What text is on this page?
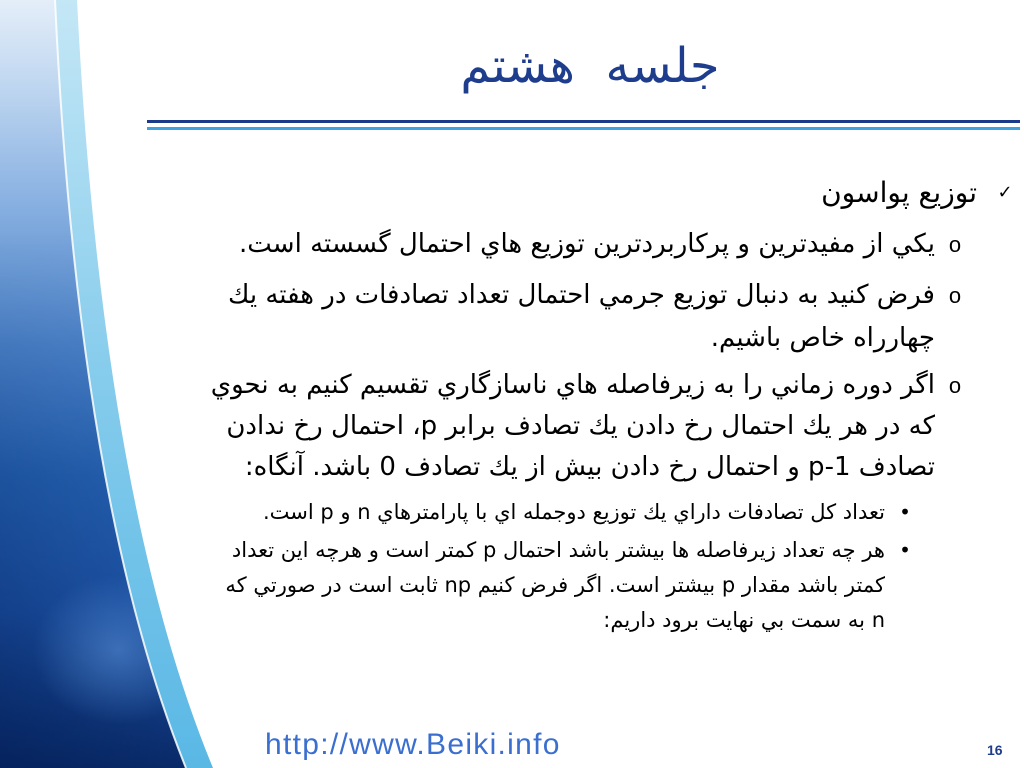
جلسه  هشتم
✓
توزيع پواسون
o
يكي از مفيدترين و پركاربردترين توزيع هاي احتمال گسسته است.
o
فرض كنيد به دنبال توزيع جرمي احتمال تعداد تصادفات در هفته يك
چهارراه خاص باشيم.
o
اگر دوره زماني را به زيرفاصله هاي ناسازگاري تقسيم كنيم به نحوي
كه در هر يك احتمال رخ دادن يك تصادف برابر p، احتمال رخ ندادن
تصادف 1-p و احتمال رخ دادن بيش از يك تصادف 0 باشد. آنگاه:
•
تعداد كل تصادفات داراي يك توزيع دوجمله اي با پارامترهاي n و p است.
•
هر چه تعداد زيرفاصله ها بيشتر باشد احتمال p كمتر است و هرچه اين تعداد
كمتر باشد مقدار p بيشتر است. اگر فرض كنيم np ثابت است در صورتي كه
n به سمت بي نهايت برود داريم:
http://www.Beiki.info	16
